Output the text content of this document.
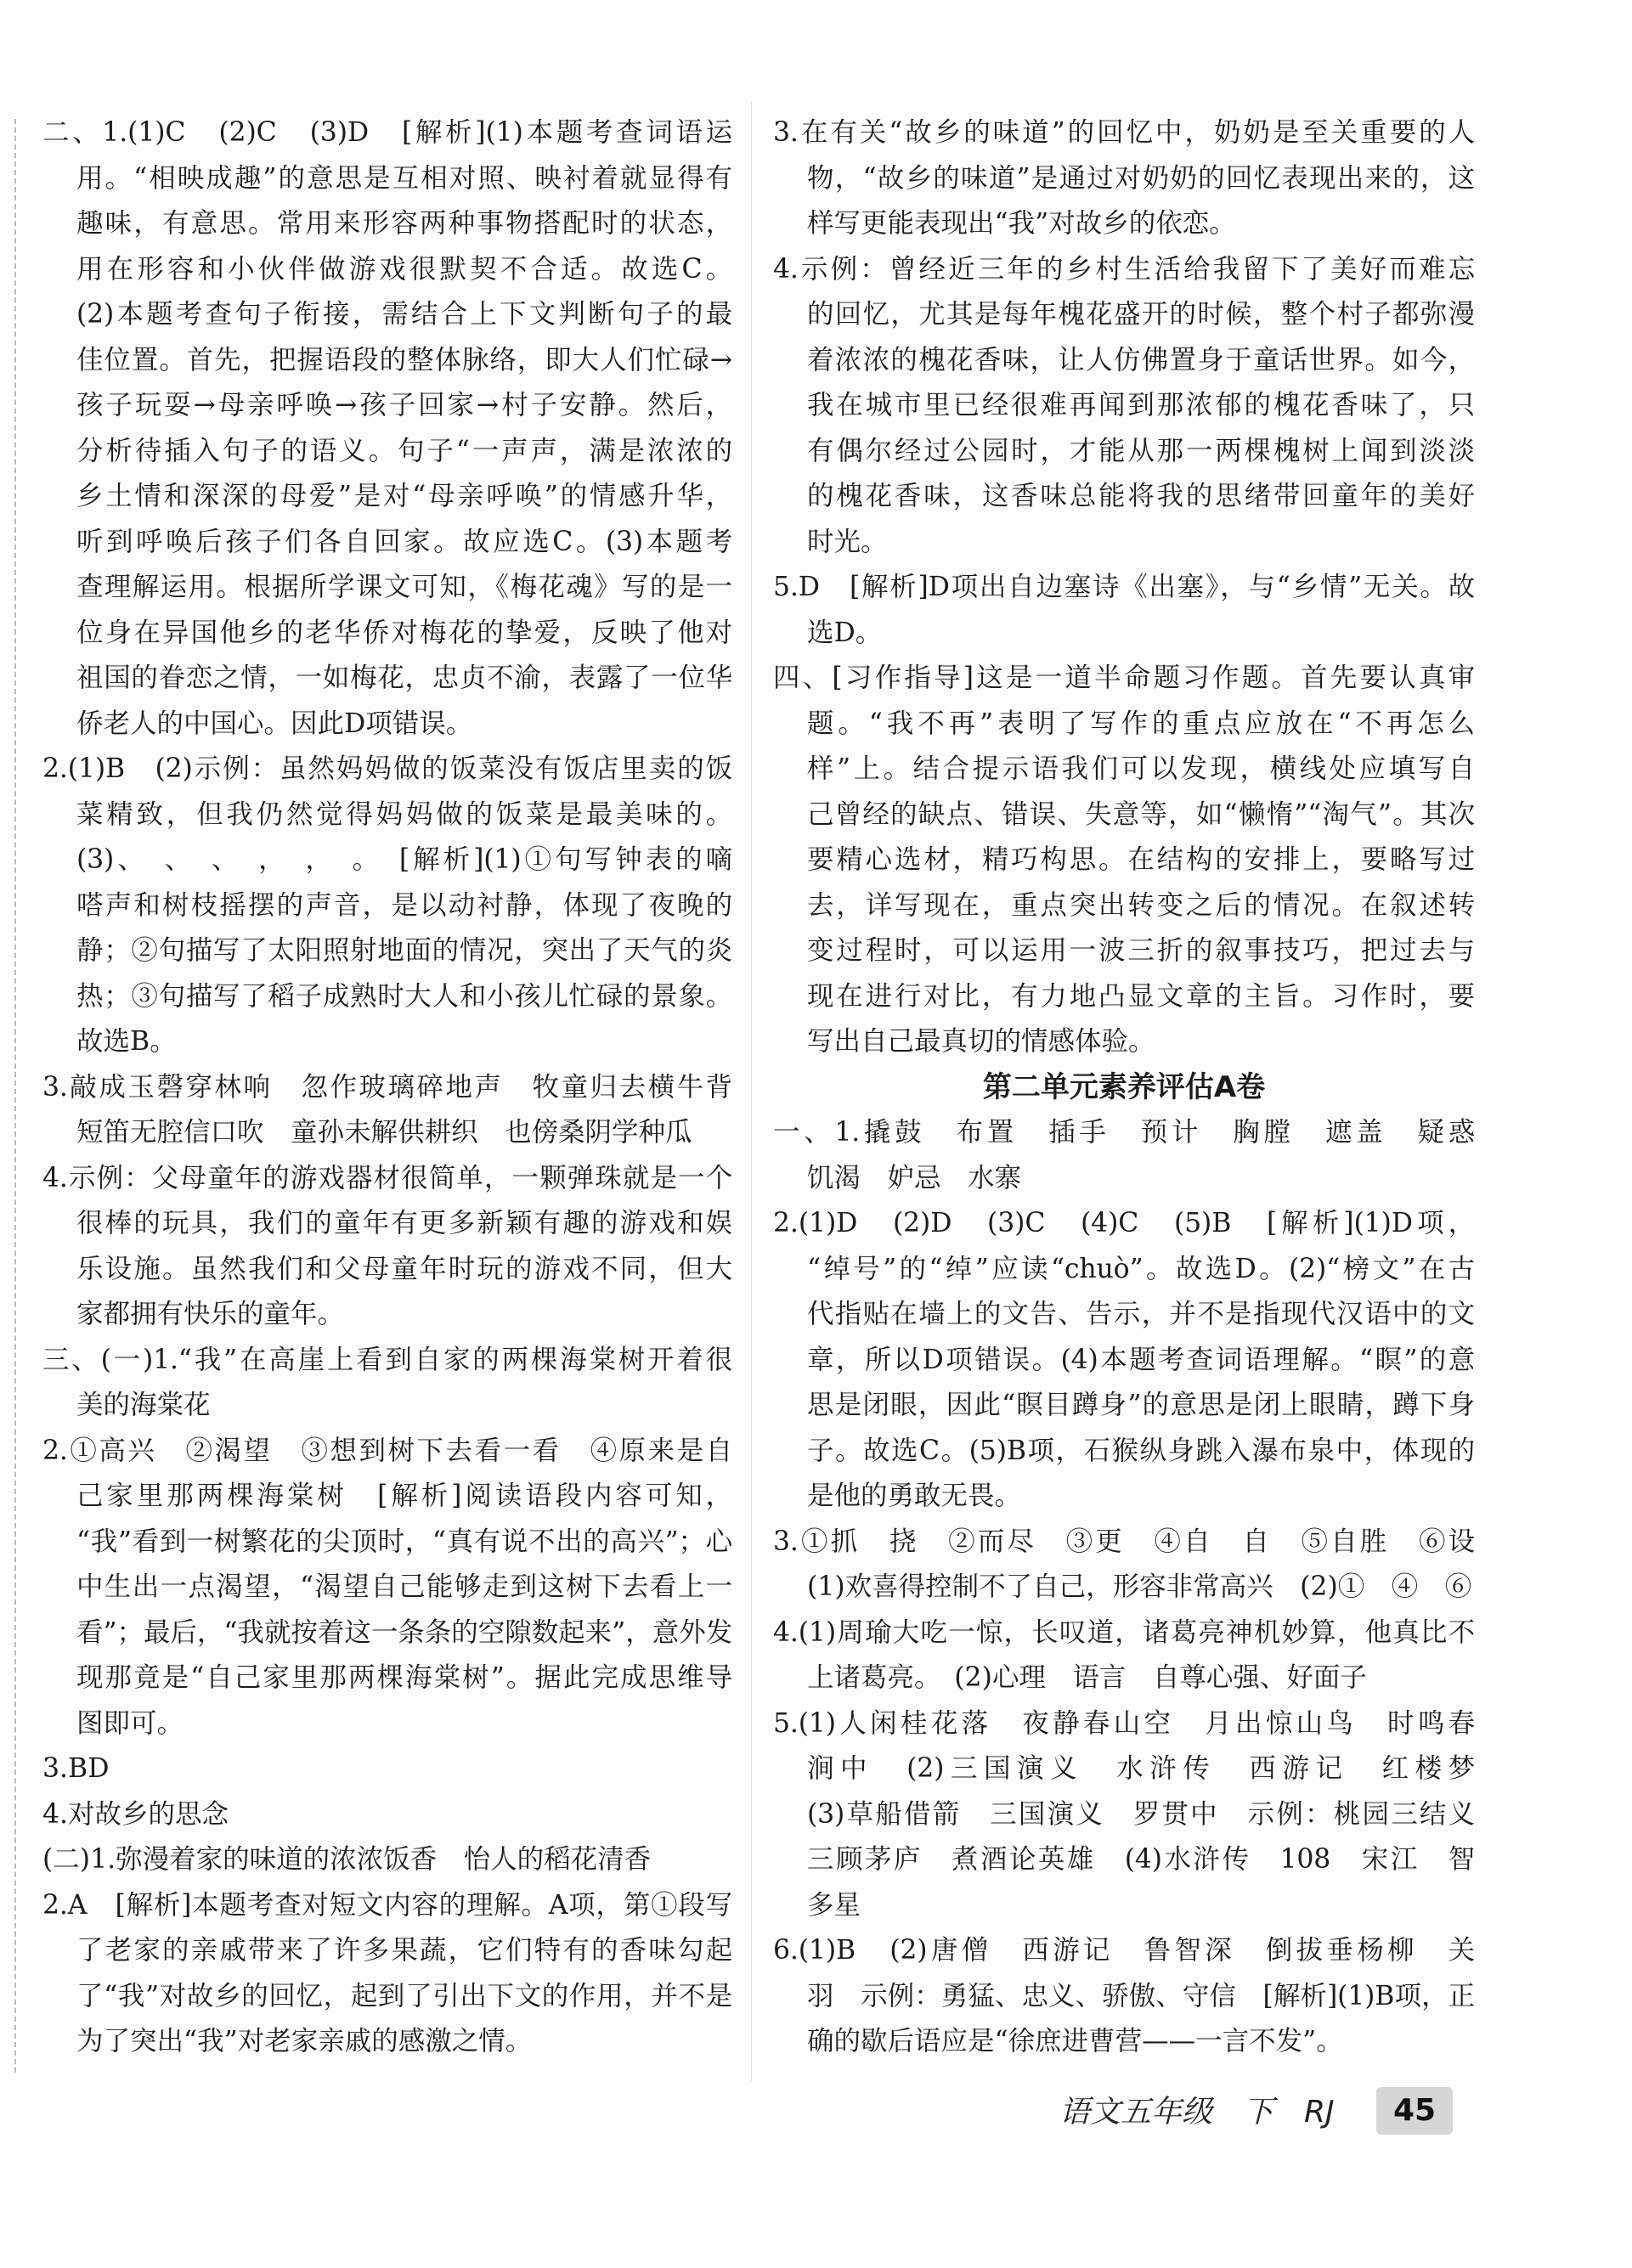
二、1.(1)C　(2)C　(3)D　[解析](1)本题考查词语运
用。“相映成趣”的意思是互相对照、映衬着就显得有
趣味，有意思。常用来形容两种事物搭配时的状态，
用在形容和小伙伴做游戏很默契不合适。故选C。
(2)本题考查句子衔接，需结合上下文判断句子的最
佳位置。首先，把握语段的整体脉络，即大人们忙碌→
孩子玩耍→母亲呼唤→孩子回家→村子安静。然后，
分析待插入句子的语义。句子“一声声，满是浓浓的
乡土情和深深的母爱”是对“母亲呼唤”的情感升华，
听到呼唤后孩子们各自回家。故应选C。(3)本题考
查理解运用。根据所学课文可知，《梅花魂》写的是一
位身在异国他乡的老华侨对梅花的挚爱，反映了他对
祖国的眷恋之情，一如梅花，忠贞不渝，表露了一位华
侨老人的中国心。因此D项错误。
2.(1)B　(2)示例：虽然妈妈做的饭菜没有饭店里卖的饭
菜精致，但我仍然觉得妈妈做的饭菜是最美味的。
(3)、　、　、　，　，　。　[解析](1)①句写钟表的嘀
嗒声和树枝摇摆的声音，是以动衬静，体现了夜晚的
静；②句描写了太阳照射地面的情况，突出了天气的炎
热；③句描写了稻子成熟时大人和小孩儿忙碌的景象。
故选B。
3.敲成玉磬穿林响　忽作玻璃碎地声　牧童归去横牛背
短笛无腔信口吹　童孙未解供耕织　也傍桑阴学种瓜
4.示例：父母童年的游戏器材很简单，一颗弹珠就是一个
很棒的玩具，我们的童年有更多新颖有趣的游戏和娱
乐设施。虽然我们和父母童年时玩的游戏不同，但大
家都拥有快乐的童年。
三、(一)1.“我”在高崖上看到自家的两棵海棠树开着很
美的海棠花
2.①高兴　②渴望　③想到树下去看一看　④原来是自
己家里那两棵海棠树　[解析]阅读语段内容可知，
“我”看到一树繁花的尖顶时，“真有说不出的高兴”；心
中生出一点渴望，“渴望自己能够走到这树下去看上一
看”；最后，“我就按着这一条条的空隙数起来”，意外发
现那竟是“自己家里那两棵海棠树”。据此完成思维导
图即可。
3.BD
4.对故乡的思念
(二)1.弥漫着家的味道的浓浓饭香　怡人的稻花清香
2.A　[解析]本题考查对短文内容的理解。A项，第①段写
了老家的亲戚带来了许多果蔬，它们特有的香味勾起
了“我”对故乡的回忆，起到了引出下文的作用，并不是
为了突出“我”对老家亲戚的感激之情。
3.在有关“故乡的味道”的回忆中，奶奶是至关重要的人
物，“故乡的味道”是通过对奶奶的回忆表现出来的，这
样写更能表现出“我”对故乡的依恋。
4.示例：曾经近三年的乡村生活给我留下了美好而难忘
的回忆，尤其是每年槐花盛开的时候，整个村子都弥漫
着浓浓的槐花香味，让人仿佛置身于童话世界。如今，
我在城市里已经很难再闻到那浓郁的槐花香味了，只
有偶尔经过公园时，才能从那一两棵槐树上闻到淡淡
的槐花香味，这香味总能将我的思绪带回童年的美好
时光。
5.D　[解析]D项出自边塞诗《出塞》，与“乡情”无关。故
选D。
四、[习作指导]这是一道半命题习作题。首先要认真审
题。“我不再”表明了写作的重点应放在“不再怎么
样”上。结合提示语我们可以发现，横线处应填写自
己曾经的缺点、错误、失意等，如“懒惰”“淘气”。其次
要精心选材，精巧构思。在结构的安排上，要略写过
去，详写现在，重点突出转变之后的情况。在叙述转
变过程时，可以运用一波三折的叙事技巧，把过去与
现在进行对比，有力地凸显文章的主旨。习作时，要
写出自己最真切的情感体验。
第二单元素养评估A卷
一、1.撬鼓　布置　插手　预计　胸膛　遮盖　疑惑
饥渴　妒忌　水寨
2.(1)D　(2)D　(3)C　(4)C　(5)B　[解析](1)D项，
“绰号”的“绰”应读“chuò”。故选D。(2)“榜文”在古
代指贴在墙上的文告、告示，并不是指现代汉语中的文
章，所以D项错误。(4)本题考查词语理解。“瞑”的意
思是闭眼，因此“瞑目蹲身”的意思是闭上眼睛，蹲下身
子。故选C。(5)B项，石猴纵身跳入瀑布泉中，体现的
是他的勇敢无畏。
3.①抓　挠　②而尽　③更　④自　自　⑤自胜　⑥设
(1)欢喜得控制不了自己，形容非常高兴　(2)①　④　⑥
4.(1)周瑜大吃一惊，长叹道，诸葛亮神机妙算，他真比不
上诸葛亮。　(2)心理　语言　自尊心强、好面子
5.(1)人闲桂花落　夜静春山空　月出惊山鸟　时鸣春
涧中　(2)三国演义　水浒传　西游记　红楼梦
(3)草船借箭　三国演义　罗贯中　示例：桃园三结义
三顾茅庐　煮酒论英雄　(4)水浒传　108　宋江　智
多星
6.(1)B　(2)唐僧　西游记　鲁智深　倒拔垂杨柳　关
羽　示例：勇猛、忠义、骄傲、守信　[解析](1)B项，正
确的歇后语应是“徐庶进曹营——一言不发”。
语文五年级　下　RJ	45
